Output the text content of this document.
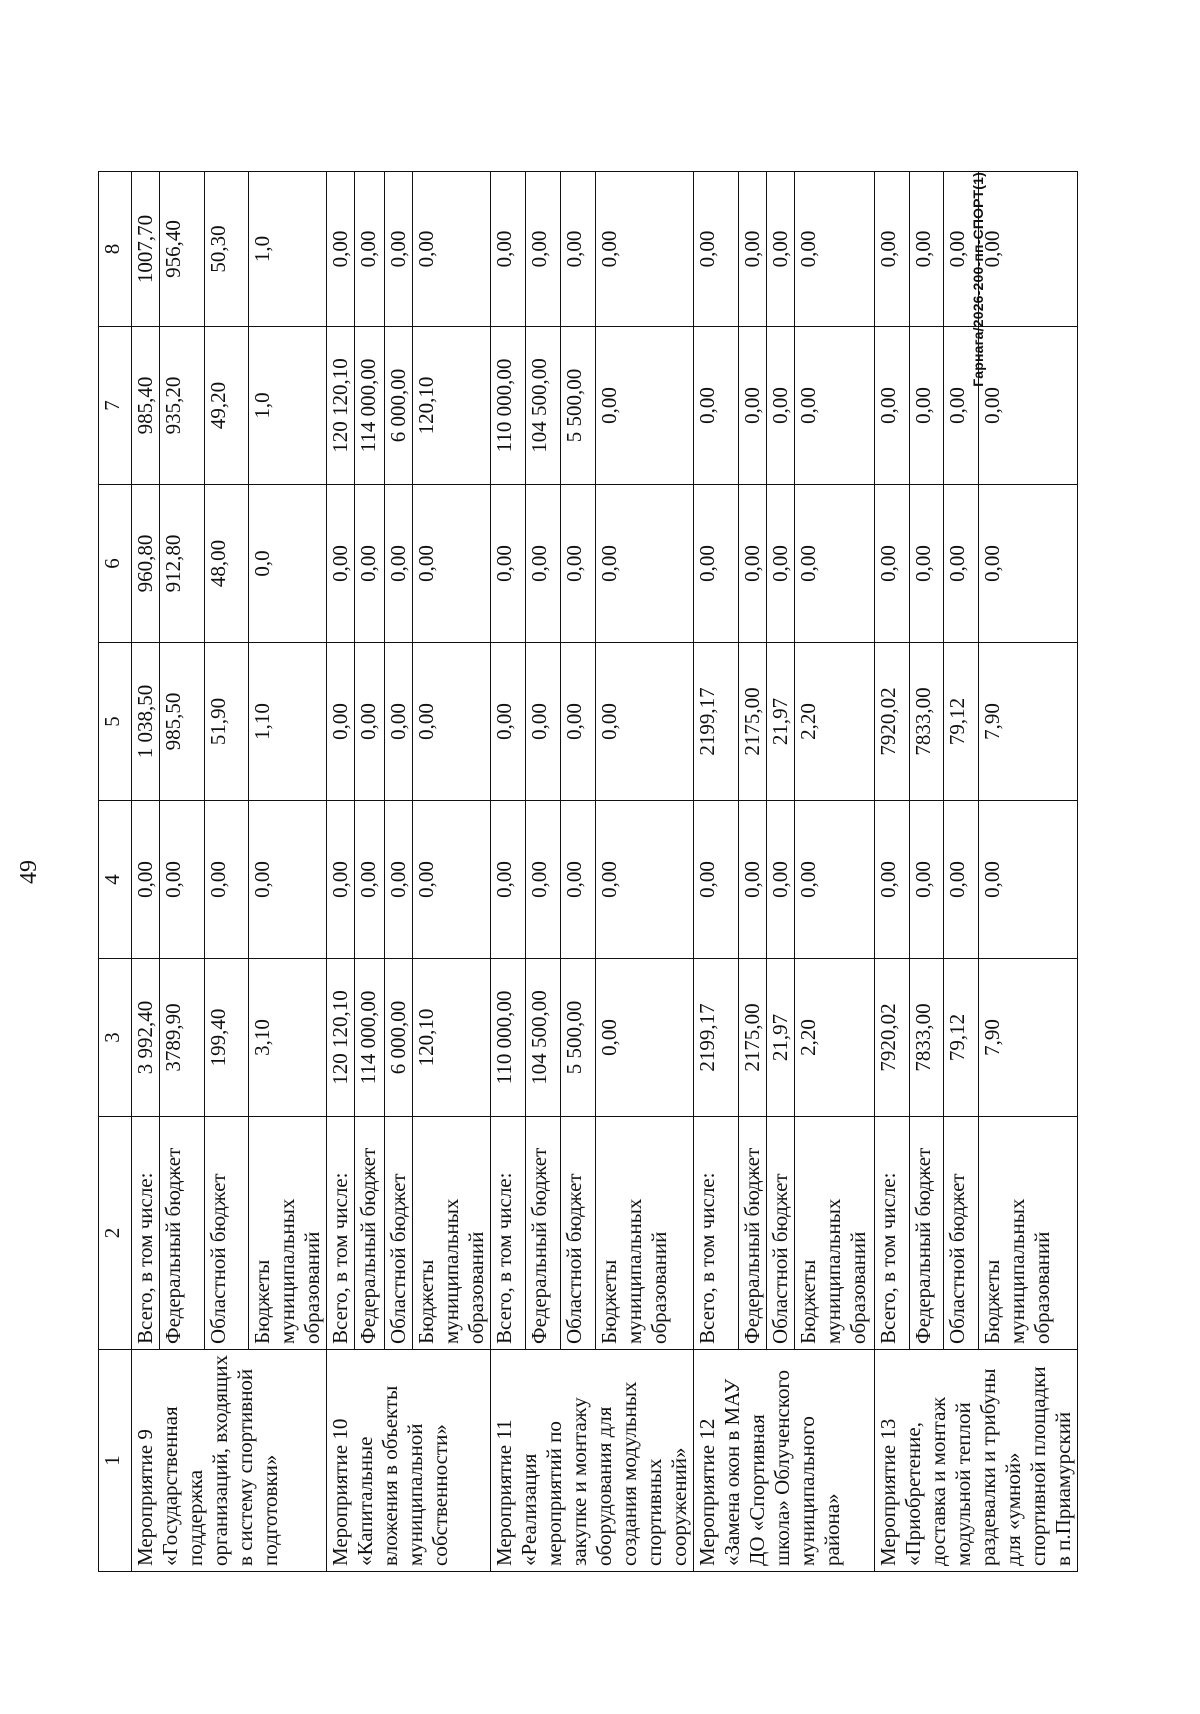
49
1	2	3	4	5	6	7	8
Мероприятие 9 «Государственная поддержка организаций, входящих в систему спортивной подготовки»	Всего, в том числе:	3 992,40	0,00	1 038,50	960,80	985,40	1007,70
	Федеральный бюджет	3789,90	0,00	985,50	912,80	935,20	956,40
	Областной бюджет	199,40	0,00	51,90	48,00	49,20	50,30
	Бюджеты муниципальных образований	3,10	0,00	1,10	0,0	1,0	1,0
Мероприятие 10 «Капитальные вложения в объекты муниципальной собственности»	Всего, в том числе:	120 120,10	0,00	0,00	0,00	120 120,10	0,00
	Федеральный бюджет	114 000,00	0,00	0,00	0,00	114 000,00	0,00
	Областной бюджет	6 000,00	0,00	0,00	0,00	6 000,00	0,00
	Бюджеты муниципальных образований	120,10	0,00	0,00	0,00	120,10	0,00
Мероприятие 11 «Реализация мероприятий по закупке и монтажу оборудования для создания модульных спортивных сооружений»	Всего, в том числе:	110 000,00	0,00	0,00	0,00	110 000,00	0,00
	Федеральный бюджет	104 500,00	0,00	0,00	0,00	104 500,00	0,00
	Областной бюджет	5 500,00	0,00	0,00	0,00	5 500,00	0,00
	Бюджеты муниципальных образований	0,00	0,00	0,00	0,00	0,00	0,00
Мероприятие 12 «Замена окон в МАУ ДО «Спортивная школа» Облученского муниципального района»	Всего, в том числе:	2199,17	0,00	2199,17	0,00	0,00	0,00
	Федеральный бюджет	2175,00	0,00	2175,00	0,00	0,00	0,00
	Областной бюджет	21,97	0,00	21,97	0,00	0,00	0,00
	Бюджеты муниципальных образований	2,20	0,00	2,20	0,00	0,00	0,00
Мероприятие 13 «Приобретение, доставка и монтаж модульной теплой раздевалки и трибуны для «умной» спортивной площадки в п.Приамурский	Всего, в том числе:	7920,02	0,00	7920,02	0,00	0,00	0,00
	Федеральный бюджет	7833,00	0,00	7833,00	0,00	0,00	0,00
	Областной бюджет	79,12	0,00	79,12	0,00	0,00	0,00
	Бюджеты муниципальных образований	7,90	0,00	7,90	0,00	0,00	0,00
Гарнага/2026-200-пп-СПОРТ(1)
